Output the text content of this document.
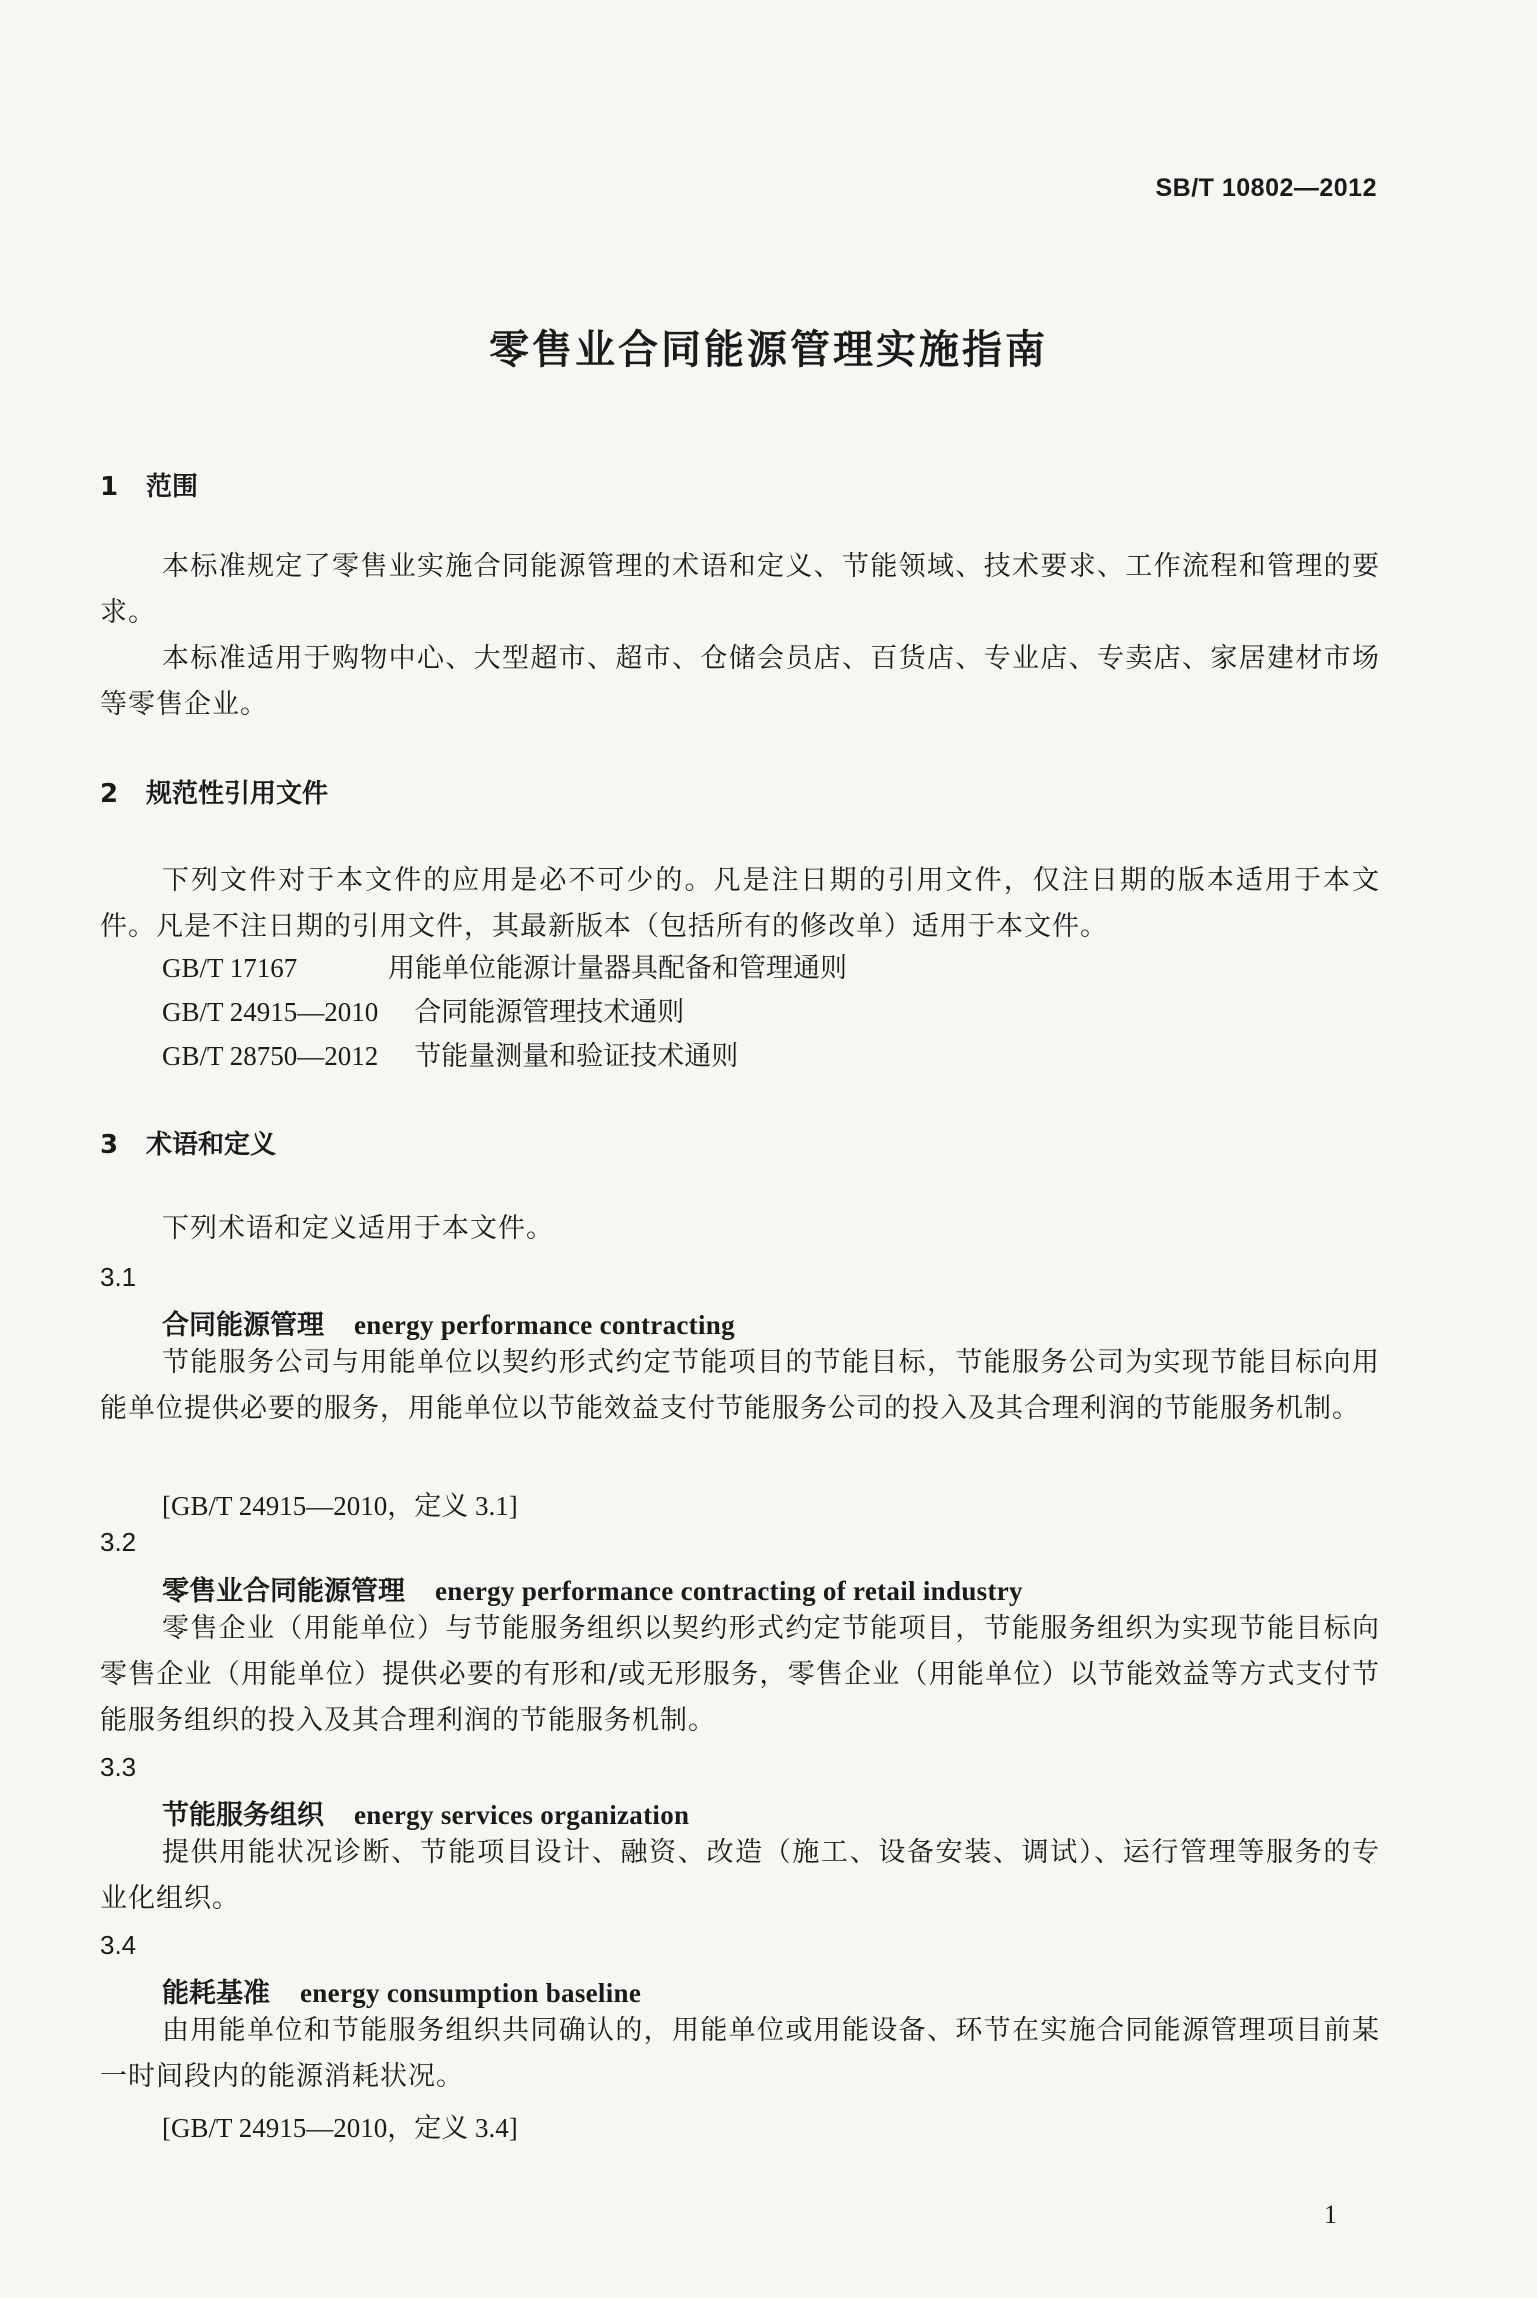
SB/T 10802—2012
零售业合同能源管理实施指南
1 范围
本标准规定了零售业实施合同能源管理的术语和定义、节能领域、技术要求、工作流程和管理的要求。
本标准适用于购物中心、大型超市、超市、仓储会员店、百货店、专业店、专卖店、家居建材市场等零售企业。
2 规范性引用文件
下列文件对于本文件的应用是必不可少的。凡是注日期的引用文件，仅注日期的版本适用于本文件。凡是不注日期的引用文件，其最新版本（包括所有的修改单）适用于本文件。
GB/T 17167	用能单位能源计量器具配备和管理通则
GB/T 24915—2010 合同能源管理技术通则
GB/T 28750—2012 节能量测量和验证技术通则
3 术语和定义
下列术语和定义适用于本文件。
3.1
合同能源管理 energy performance contracting
节能服务公司与用能单位以契约形式约定节能项目的节能目标，节能服务公司为实现节能目标向用能单位提供必要的服务，用能单位以节能效益支付节能服务公司的投入及其合理利润的节能服务机制。
[GB/T 24915—2010，定义 3.1]
3.2
零售业合同能源管理 energy performance contracting of retail industry
零售企业（用能单位）与节能服务组织以契约形式约定节能项目，节能服务组织为实现节能目标向零售企业（用能单位）提供必要的有形和/或无形服务，零售企业（用能单位）以节能效益等方式支付节能服务组织的投入及其合理利润的节能服务机制。
3.3
节能服务组织 energy services organization
提供用能状况诊断、节能项目设计、融资、改造（施工、设备安装、调试）、运行管理等服务的专业化组织。
3.4
能耗基准 energy consumption baseline
由用能单位和节能服务组织共同确认的，用能单位或用能设备、环节在实施合同能源管理项目前某一时间段内的能源消耗状况。
[GB/T 24915—2010，定义 3.4]
1
